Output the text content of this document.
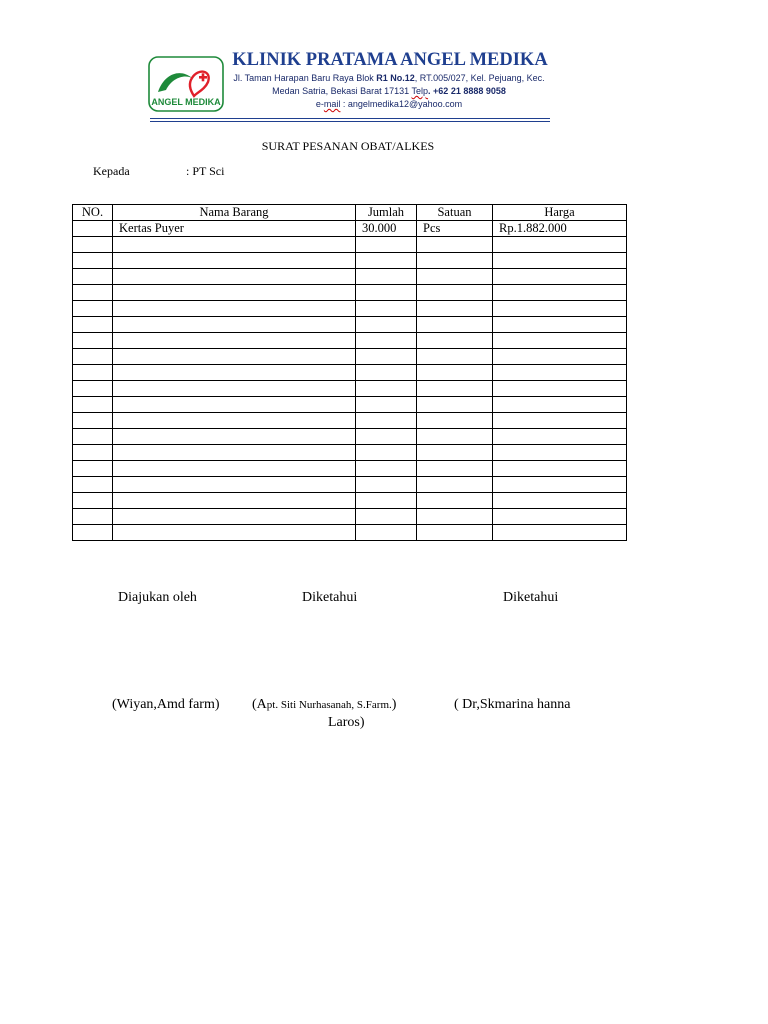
ANGEL MEDIKA
KLINIK PRATAMA ANGEL MEDIKA
Jl. Taman Harapan Baru Raya Blok R1 No.12, RT.005/027, Kel. Pejuang, Kec.
Medan Satria, Bekasi Barat 17131 Telp. +62 21 8888 9058
e-mail : angelmedika12@yahoo.com
SURAT PESANAN OBAT/ALKES
Kepada	: PT Sci
NO.	Nama Barang	Jumlah	Satuan	Harga
	Kertas Puyer	30.000	Pcs	Rp.1.882.000

Diajukan oleh	Diketahui	Diketahui
(Wiyan,Amd farm) (Apt. Siti Nurhasanah, S.Farm.)	( Dr,Skmarina hanna
Laros)
